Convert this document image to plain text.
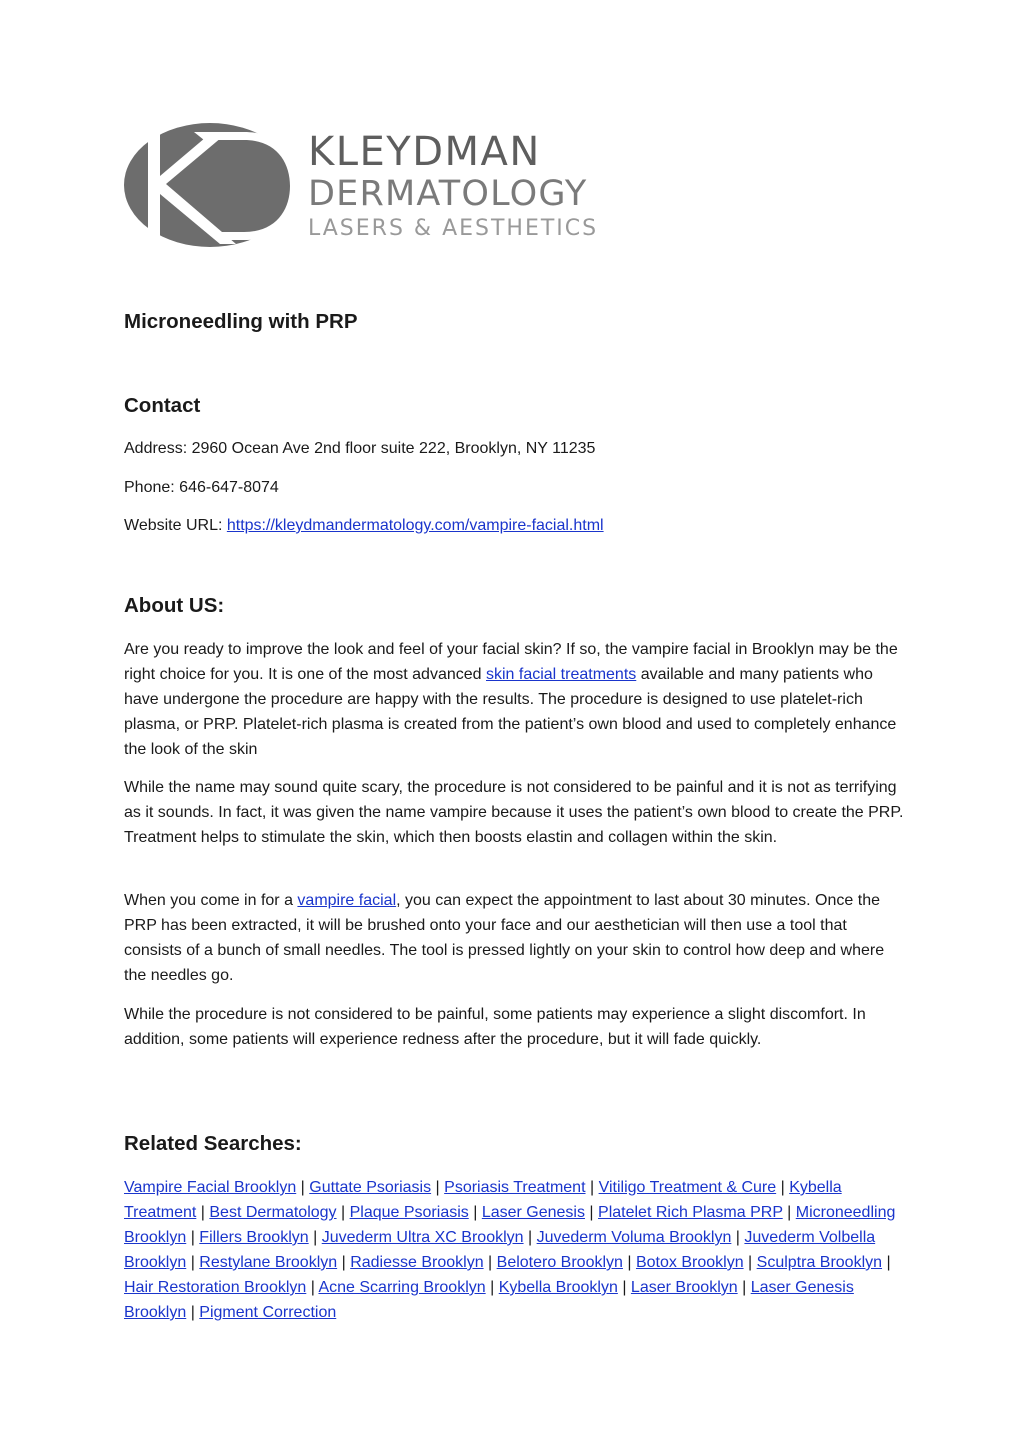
KLEYDMAN
DERMATOLOGY
LASERS & AESTHETICS
Microneedling with PRP
Contact
Address: 2960 Ocean Ave 2nd floor suite 222, Brooklyn, NY 11235
Phone: 646-647-8074
Website URL: https://kleydmandermatology.com/vampire-facial.html
About US:

Are you ready to improve the look and feel of your facial skin? If so, the vampire facial in Brooklyn may be the right choice for you. It is one of the most advanced skin facial treatments available and many patients who have undergone the procedure are happy with the results. The procedure is designed to use platelet-rich plasma, or PRP. Platelet-rich plasma is created from the patient’s own blood and used to completely enhance the look of the skin

While the name may sound quite scary, the procedure is not considered to be painful and it is not as terrifying as it sounds. In fact, it was given the name vampire because it uses the patient’s own blood to create the PRP. Treatment helps to stimulate the skin, which then boosts elastin and collagen within the skin.

When you come in for a vampire facial, you can expect the appointment to last about 30 minutes. Once the PRP has been extracted, it will be brushed onto your face and our aesthetician will then use a tool that consists of a bunch of small needles. The tool is pressed lightly on your skin to control how deep and where the needles go.

While the procedure is not considered to be painful, some patients may experience a slight discomfort. In addition, some patients will experience redness after the procedure, but it will fade quickly.

Related Searches:
Vampire Facial Brooklyn | Guttate Psoriasis | Psoriasis Treatment | Vitiligo Treatment & Cure | Kybella Treatment | Best Dermatology | Plaque Psoriasis | Laser Genesis | Platelet Rich Plasma PRP | Microneedling Brooklyn | Fillers Brooklyn | Juvederm Ultra XC Brooklyn | Juvederm Voluma Brooklyn | Juvederm Volbella Brooklyn | Restylane Brooklyn | Radiesse Brooklyn | Belotero Brooklyn | Botox Brooklyn | Sculptra Brooklyn | Hair Restoration Brooklyn | Acne Scarring Brooklyn | Kybella Brooklyn | Laser Brooklyn | Laser Genesis Brooklyn | Pigment Correction
